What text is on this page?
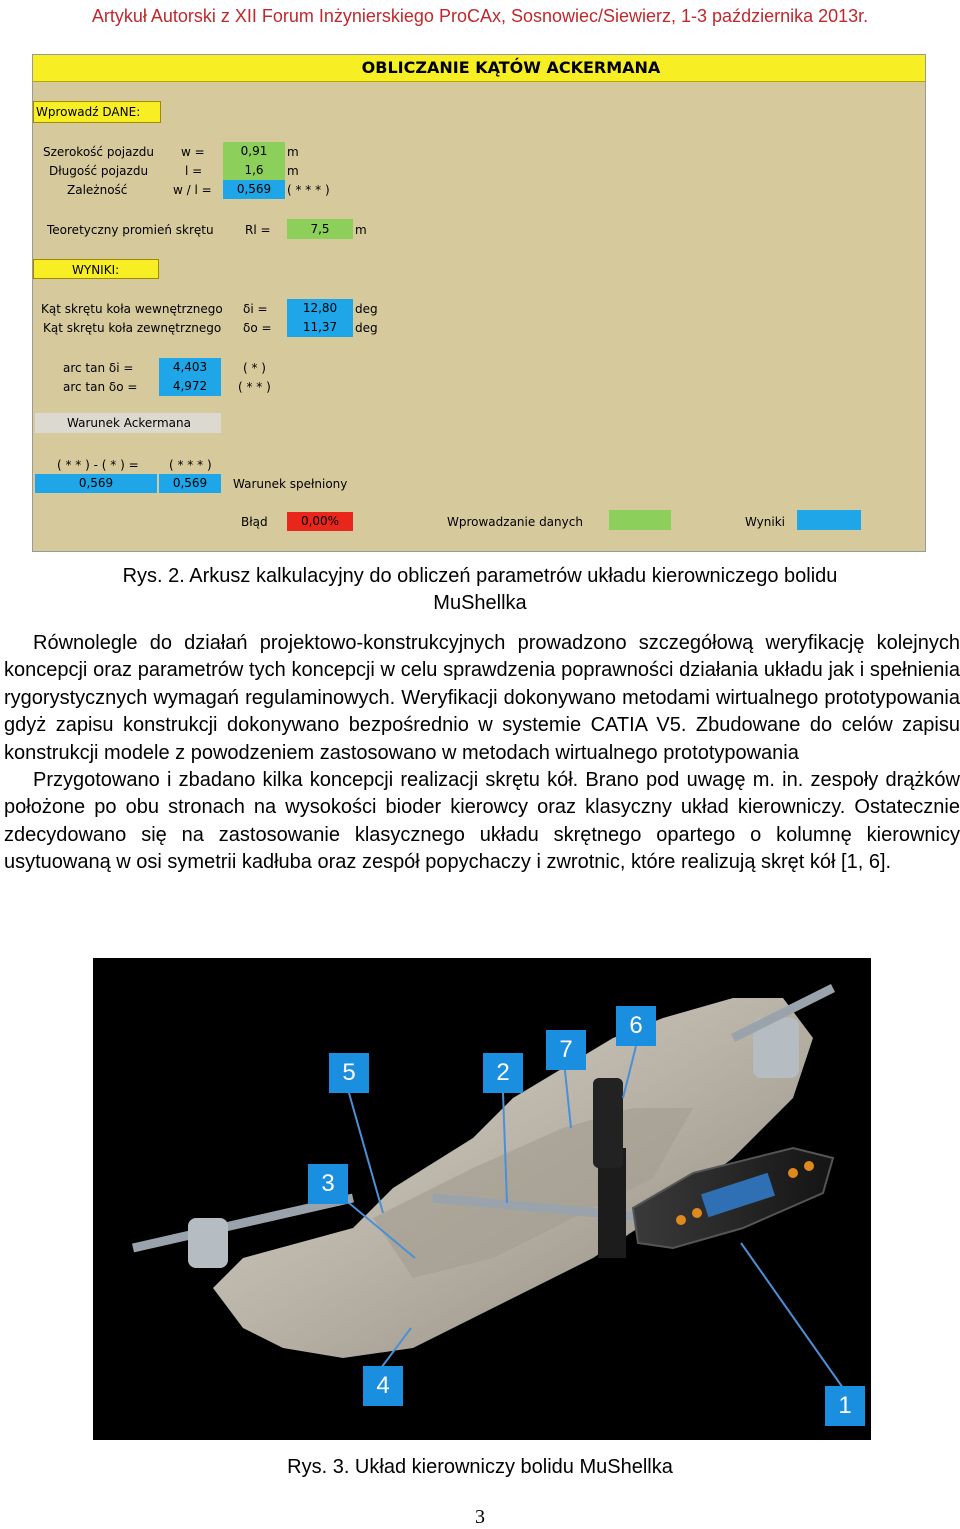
Artykuł Autorski z XII Forum Inżynierskiego ProCAx, Sosnowiec/Siewierz, 1-3 października 2013r.
OBLICZANIE KĄTÓW ACKERMANA
Wprowadź DANE:
Szerokość pojazdu w =	0,91	m
Długość pojazdu	l =	1,6	m
Zależność	w / l =	0,569	( * * * )
Teoretyczny promień skrętu	Rl =	7,5	m
WYNIKI:
Kąt skrętu koła wewnętrznego δi =	12,80	deg
Kąt skrętu koła zewnętrznego δo =	11,37	deg
arc tan δi =	4,403	( * )
arc tan δo =	4,972	( * * )
Warunek Ackermana
( * * ) - ( * ) =	( * * * )
0,569	0,569	Warunek spełniony
Błąd	0,00%	Wprowadzanie danych	Wyniki
Rys. 2. Arkusz kalkulacyjny do obliczeń parametrów układu kierowniczego bolidu
MuShellka

Równolegle do działań projektowo-konstrukcyjnych prowadzono szczegółową weryfikację kolejnych koncepcji oraz parametrów tych koncepcji w celu sprawdzenia poprawności działania układu jak i spełnienia rygorystycznych wymagań regulaminowych. Weryfikacji dokonywano metodami wirtualnego prototypowania gdyż zapisu konstrukcji dokonywano bezpośrednio w systemie CATIA V5. Zbudowane do celów zapisu konstrukcji modele z powodzeniem zastosowano w metodach wirtualnego prototypowania

Przygotowano i zbadano kilka koncepcji realizacji skrętu kół. Brano pod uwagę m. in. zespoły drążków położone po obu stronach na wysokości bioder kierowcy oraz klasyczny układ kierowniczy. Ostatecznie zdecydowano się na zastosowanie klasycznego układu skrętnego opartego o kolumnę kierownicy usytuowaną w osi symetrii kadłuba oraz zespół popychaczy i zwrotnic, które realizują skręt kół [1, 6].

5	2
7
6
3
4
1
Rys. 3. Układ kierowniczy bolidu MuShellka
3
